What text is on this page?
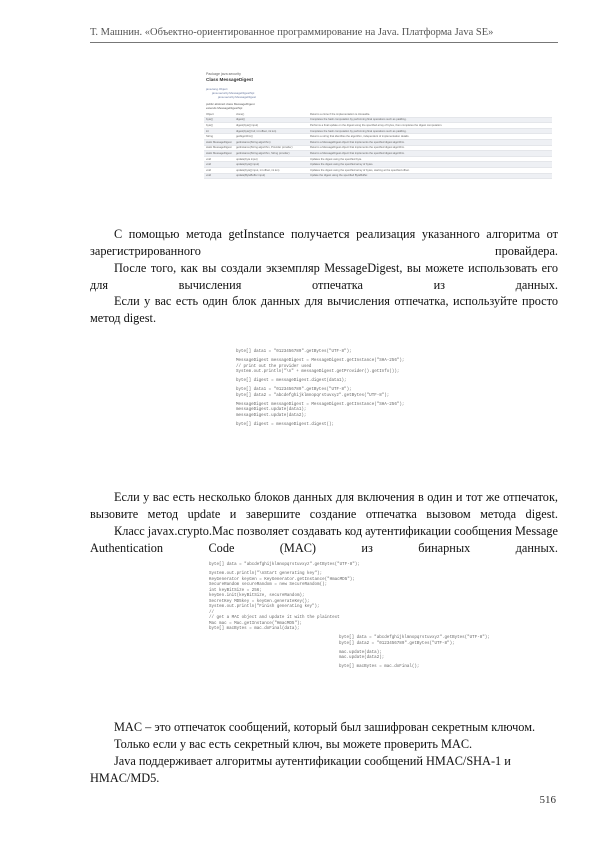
Т. Машнин. «Объектно-ориентированное программирование на Java. Платформа Java SE»
Package java.security
Class MessageDigest
java.lang.Object
java.security.MessageDigestSpi
java.security.MessageDigest
public abstract class MessageDigest
extends MessageDigestSpi
Object	clone()	Returns a clone if the implementation is cloneable.
byte[]	digest()	Completes the hash computation by performing final operations such as padding.
byte[]	digest(byte[] input)	Performs a final update on the digest using the specified array of bytes, then completes the digest computation.
int	digest(byte[] buf, int offset, int len)	Completes the hash computation by performing final operations such as padding.
String	getAlgorithm()	Returns a string that identifies the algorithm, independent of implementation details.
static MessageDigest	getInstance(String algorithm)	Returns a MessageDigest object that implements the specified digest algorithm.
static MessageDigest	getInstance(String algorithm, Provider provider)	Returns a MessageDigest object that implements the specified digest algorithm.
static MessageDigest	getInstance(String algorithm, String provider)	Returns a MessageDigest object that implements the specified digest algorithm.
void	update(byte input)	Updates the digest using the specified byte.
void	update(byte[] input)	Updates the digest using the specified array of bytes.
void	update(byte[] input, int offset, int len)	Updates the digest using the specified array of bytes, starting at the specified offset.
void	update(ByteBuffer input)	Update the digest using the specified ByteBuffer.

С помощью метода getInstance получается реализация указанного алгоритма от зарегистрированного провайдера.

После того, как вы создали экземпляр MessageDigest, вы можете использовать его для вычисления отпечатка из данных.

Если у вас есть один блок данных для вычисления отпечатка, используйте просто метод digest.

byte[] data1 = "0123456789".getBytes("UTF-8");
MessageDigest messageDigest = MessageDigest.getInstance("SHA-256");
// print out the provider used
System.out.println("\n" + messageDigest.getProvider().getInfo());
byte[] digest = messageDigest.digest(data1);
byte[] data1 = "0123456789".getBytes("UTF-8");
byte[] data2 = "abcdefghijklmnopqrstuvxyz".getBytes("UTF-8");
MessageDigest messageDigest = MessageDigest.getInstance("SHA-256");
messageDigest.update(data1);
messageDigest.update(data2);
byte[] digest = messageDigest.digest();

Если у вас есть несколько блоков данных для включения в один и тот же отпечаток, вызовите метод update и завершите создание отпечатка вызовом метода digest.

Класс javax.crypto.Mac позволяет создавать код аутентификации сообщения Message Authentication Code (MAC) из бинарных данных.

byte[] data = "abcdefghijklmnopqrstuvxyz".getBytes("UTF-8");
System.out.println("\nStart generating key");
KeyGenerator keyGen = KeyGenerator.getInstance("HmacMD5");
SecureRandom secureRandom = new SecureRandom();
int keyBitSize = 256;
keyGen.init(keyBitSize, secureRandom);
SecretKey MD5key = keyGen.generateKey();
System.out.println("Finish generating key");
//
// get a MAC object and update it with the plaintext
Mac mac = Mac.getInstance("HmacMD5");
byte[] macBytes = mac.doFinal(data);
byte[] data = "abcdefghijklmnopqrstuvxyz".getBytes("UTF-8");
byte[] data2 = "0123456789".getBytes("UTF-8");
mac.update(data);
mac.update(data2);
byte[] macBytes = mac.doFinal();

MAC – это отпечаток сообщений, который был зашифрован секретным ключом.

Только если у вас есть секретный ключ, вы можете проверить MAC.

Java поддерживает алгоритмы аутентификации сообщений HMAC/SHA-1 и HMAC/MD5.

516
